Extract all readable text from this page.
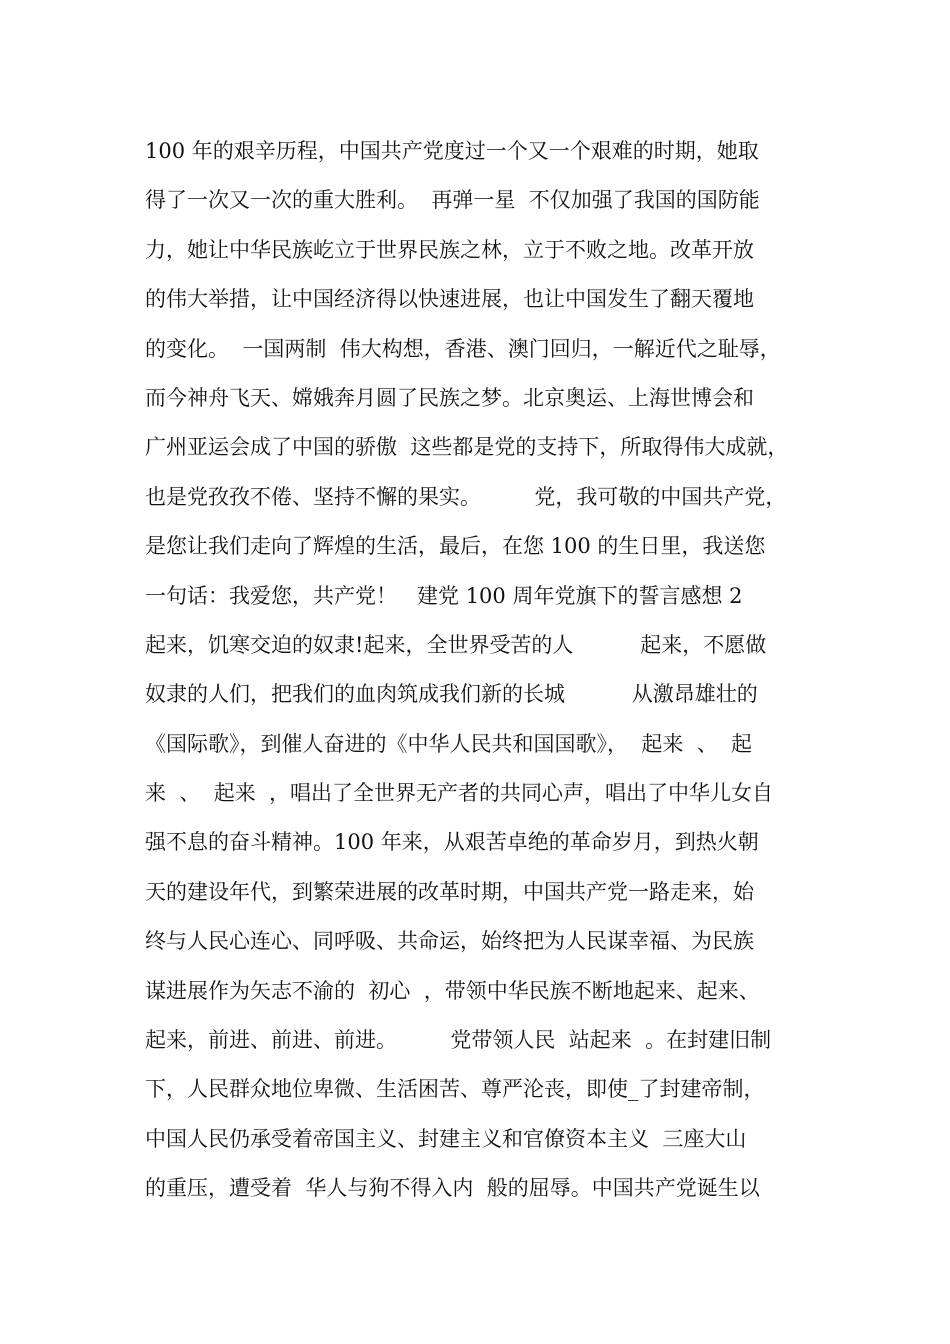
100 年的艰辛历程，中国共产党度过一个又一个艰难的时期，她取
得了一次又一次的重大胜利。  再弹一星  不仅加强了我国的国防能
力，她让中华民族屹立于世界民族之林，立于不败之地。改革开放
的伟大举措，让中国经济得以快速进展，也让中国发生了翻天覆地
的变化。  一国两制  伟大构想，香港、澳门回归，一解近代之耻辱，
而今神舟飞天、嫦娥奔月圆了民族之梦。北京奥运、上海世博会和
广州亚运会成了中国的骄傲  这些都是党的支持下，所取得伟大成就，
也是党孜孜不倦、坚持不懈的果实。        党，我可敬的中国共产党，
是您让我们走向了辉煌的生活，最后，在您 100 的生日里，我送您
一句话：我爱您，共产党！   建党 100 周年党旗下的誓言感想 2
起来，饥寒交迫的奴隶!起来，全世界受苦的人          起来，不愿做
奴隶的人们，把我们的血肉筑成我们新的长城          从激昂雄壮的
《国际歌》，到催人奋进的《中华人民共和国国歌》，  起来  、  起
来  、  起来  ，唱出了全世界无产者的共同心声，唱出了中华儿女自
强不息的奋斗精神。100 年来，从艰苦卓绝的革命岁月，到热火朝
天的建设年代，到繁荣进展的改革时期，中国共产党一路走来，始
终与人民心连心、同呼吸、共命运，始终把为人民谋幸福、为民族
谋进展作为矢志不渝的  初心  ，带领中华民族不断地起来、起来、
起来，前进、前进、前进。        党带领人民  站起来  。在封建旧制
下，人民群众地位卑微、生活困苦、尊严沦丧，即使_了封建帝制，
中国人民仍承受着帝国主义、封建主义和官僚资本主义  三座大山
的重压，遭受着  华人与狗不得入内  般的屈辱。中国共产党诞生以
